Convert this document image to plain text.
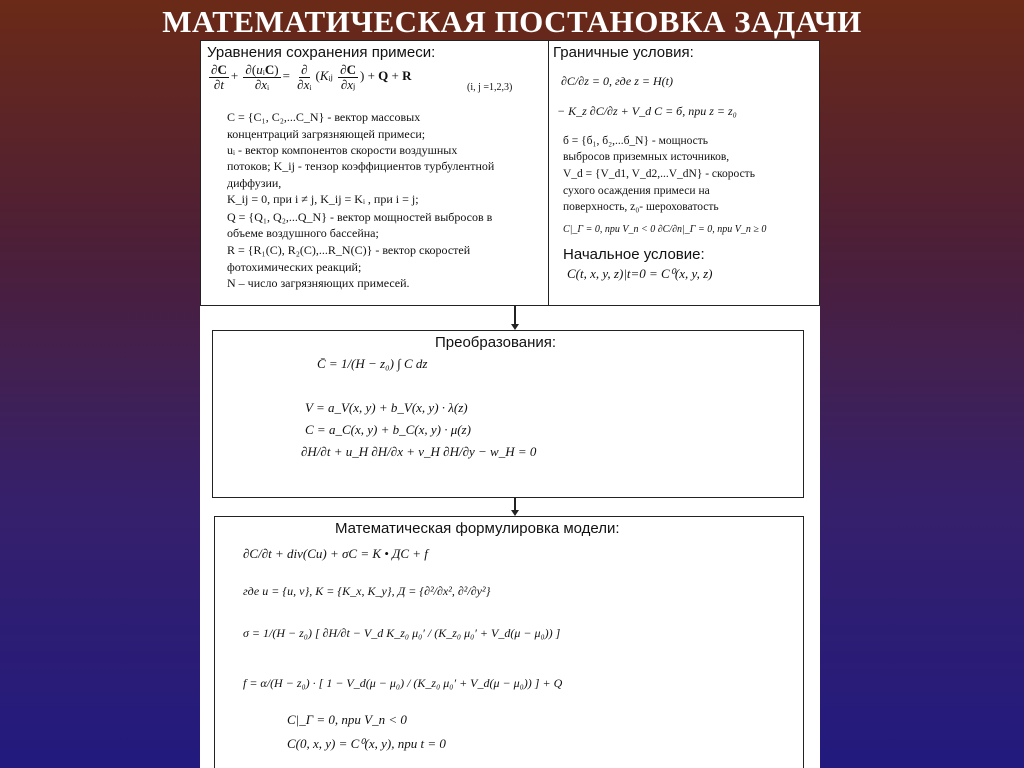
МАТЕМАТИЧЕСКАЯ ПОСТАНОВКА ЗАДАЧИ
Уравнения сохранения примеси:
$\frac{\partial C}{\partial t} + \frac{\text{∂(uᵢC)}}{\text{∂xᵢ}} = \frac{\partial}{\text{∂xᵢ}}$ (Kᵢⱼ $\frac{\partial C}{\text{∂xⱼ}}$ ) + Q + R
(i, j =1,2,3)
C = {C₁, C₂,...C_N} - вектор массовых
концентраций загрязняющей примеси;
uᵢ - вектор компонентов скорости воздушных
потоков; K_ij - тензор коэффициентов турбулентной
диффузии,
K_ij = 0, при i ≠ j, K_ij = Kᵢ , при i = j;
Q = {Q₁, Q₂,...Q_N} - вектор мощностей выбросов в
объеме воздушного бассейна;
R = {R₁(C), R₂(C),...R_N(C)} - вектор скоростей
фотохимических реакций;
N – число загрязняющих примесей.
Граничные условия:
∂C/∂z = 0, где z = H(t)
− K_z ∂C/∂z + V_d C = б, при z = z₀
б = {б₁, б₂,...б_N} - мощность
выбросов приземных источников,
V_d = {V_d1, V_d2,...V_dN} - скорость
сухого осаждения примеси на
поверхность, z₀- шероховатость
C|_Γ = 0, при V_n < 0 ∂C/∂n|_Γ = 0, при V_n ≥ 0
Начальное условие:
C(t, x, y, z)|t=0 = C⁰(x, y, z)
Преобразования:
C̄ = 1/(H − z₀) ∫ C dz
V = a_V(x, y) + b_V(x, y) · λ(z)
C = a_C(x, y) + b_C(x, y) · μ(z)
∂H/∂t + u_H ∂H/∂x + v_H ∂H/∂y − w_H = 0
Математическая формулировка модели:
∂C/∂t + div(Cu) + σC = K • ДC + f
где u = {u, v}, K = {K_x, K_y}, Д = {∂²/∂x², ∂²/∂y²}
σ = 1/(H − z₀) [ ∂H/∂t − V_d K_z₀ μ₀′ / (K_z₀ μ₀′ + V_d(μ − μ₀)) ]
f = α/(H − z₀) · [ 1 − V_d(μ − μ₀) / (K_z₀ μ₀′ + V_d(μ − μ₀)) ] + Q
C|_Γ = 0, при V_n < 0
C(0, x, y) = C⁰(x, y), при t = 0
